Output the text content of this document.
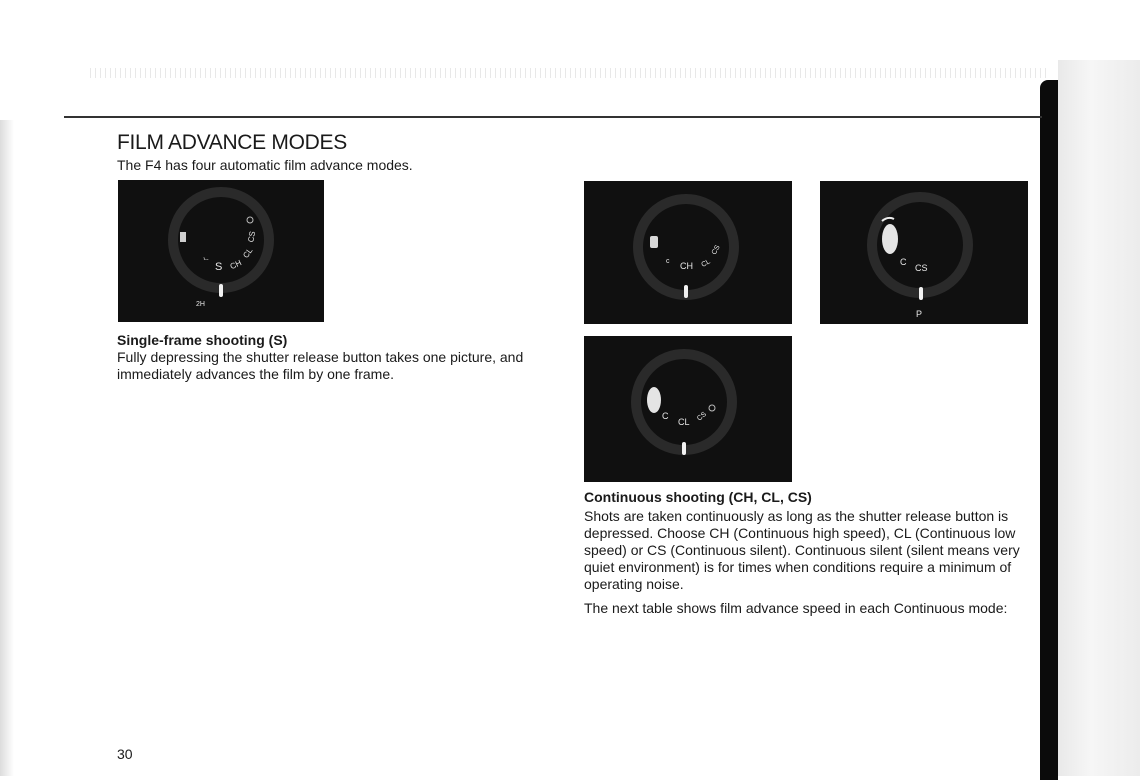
FILM ADVANCE MODES

The F4 has four automatic film advance modes.

S CH
CL
CS
ᄂ
2H
Single-frame shooting (S)

Fully depressing the shutter release button takes one picture, and immediately advances the film by one frame.

CH CL
CS
c	C
CS
P
C
CL CS
Continuous shooting (CH, CL, CS)

Shots are taken continuously as long as the shutter release button is depressed. Choose CH (Continuous high speed), CL (Continuous low speed) or CS (Continuous silent). Continuous silent (silent means very quiet environment) is for times when conditions require a minimum of operating noise.

The next table shows film advance speed in each Continuous mode:

30
